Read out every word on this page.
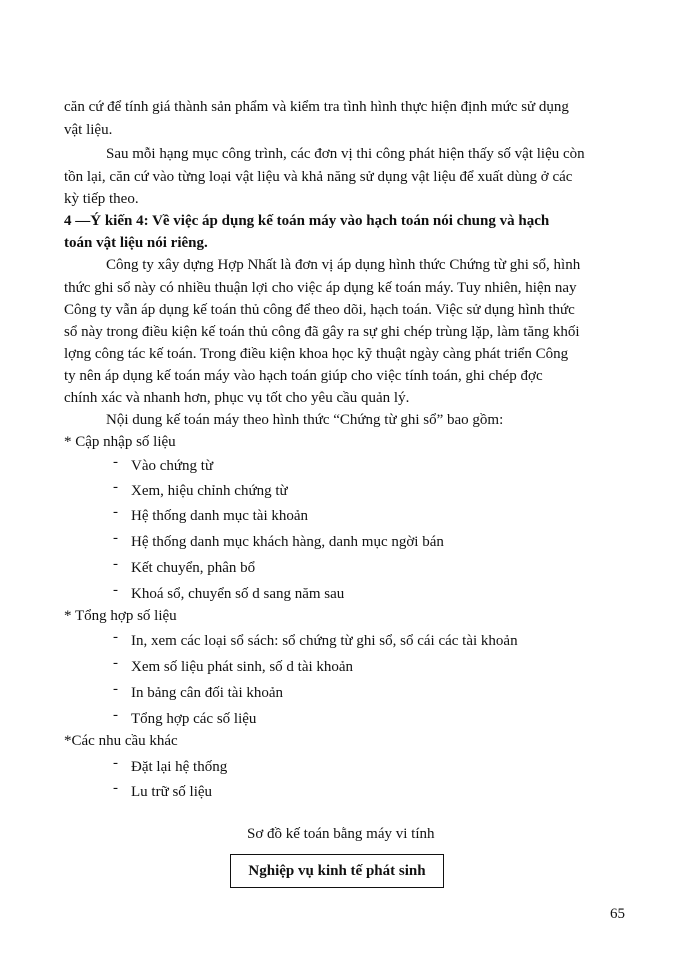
căn cứ để tính giá thành sản phẩm và kiểm tra tình hình thực hiện định mức sử dụng
vật liệu.
Sau mỗi hạng mục công trình, các đơn vị thi công phát hiện thấy số vật liệu còn
tồn lại, căn cứ vào từng loại vật liệu và khả năng sử dụng vật liệu để xuất dùng ở các
kỳ tiếp theo.
4 —Ý kiến 4: Về việc áp dụng kế toán máy vào hạch toán nói chung và hạch
toán vật liệu nói riêng.
Công ty xây dựng Hợp Nhất là đơn vị áp dụng hình thức Chứng từ ghi sổ, hình
thức ghi sổ này có nhiều thuận lợi cho việc áp dụng kế toán máy. Tuy nhiên, hiện nay
Công ty vẫn áp dụng kế toán thủ công để theo dõi, hạch toán. Việc sử dụng hình thức
sổ này trong điều kiện kế toán thủ công đã gây ra sự ghi chép trùng lặp, làm tăng khối
lợng công tác kế toán. Trong điều kiện khoa học kỹ thuật ngày càng phát triển Công
ty nên áp dụng kế toán máy vào hạch toán giúp cho việc tính toán, ghi chép đợc
chính xác và nhanh hơn, phục vụ tốt cho yêu cầu quản lý.
Nội dung kế toán máy theo hình thức “Chứng từ ghi sổ” bao gồm:
* Cập nhập số liệu
- Vào chứng từ
- Xem, hiệu chỉnh chứng từ
- Hệ thống danh mục tài khoản
- Hệ thống danh mục khách hàng, danh mục ngời bán
- Kết chuyển, phân bổ
- Khoá sổ, chuyển số d sang năm sau
* Tổng hợp số liệu
- In, xem các loại sổ sách: sổ chứng từ ghi sổ, sổ cái các tài khoản
- Xem số liệu phát sinh, số d tài khoản
- In bảng cân đối tài khoản
- Tổng hợp các số liệu
*Các nhu cầu khác
- Đặt lại hệ thống
- Lu trữ số liệu
Sơ đồ kế toán bằng máy vi tính
Nghiệp vụ kinh tế phát sinh
65
